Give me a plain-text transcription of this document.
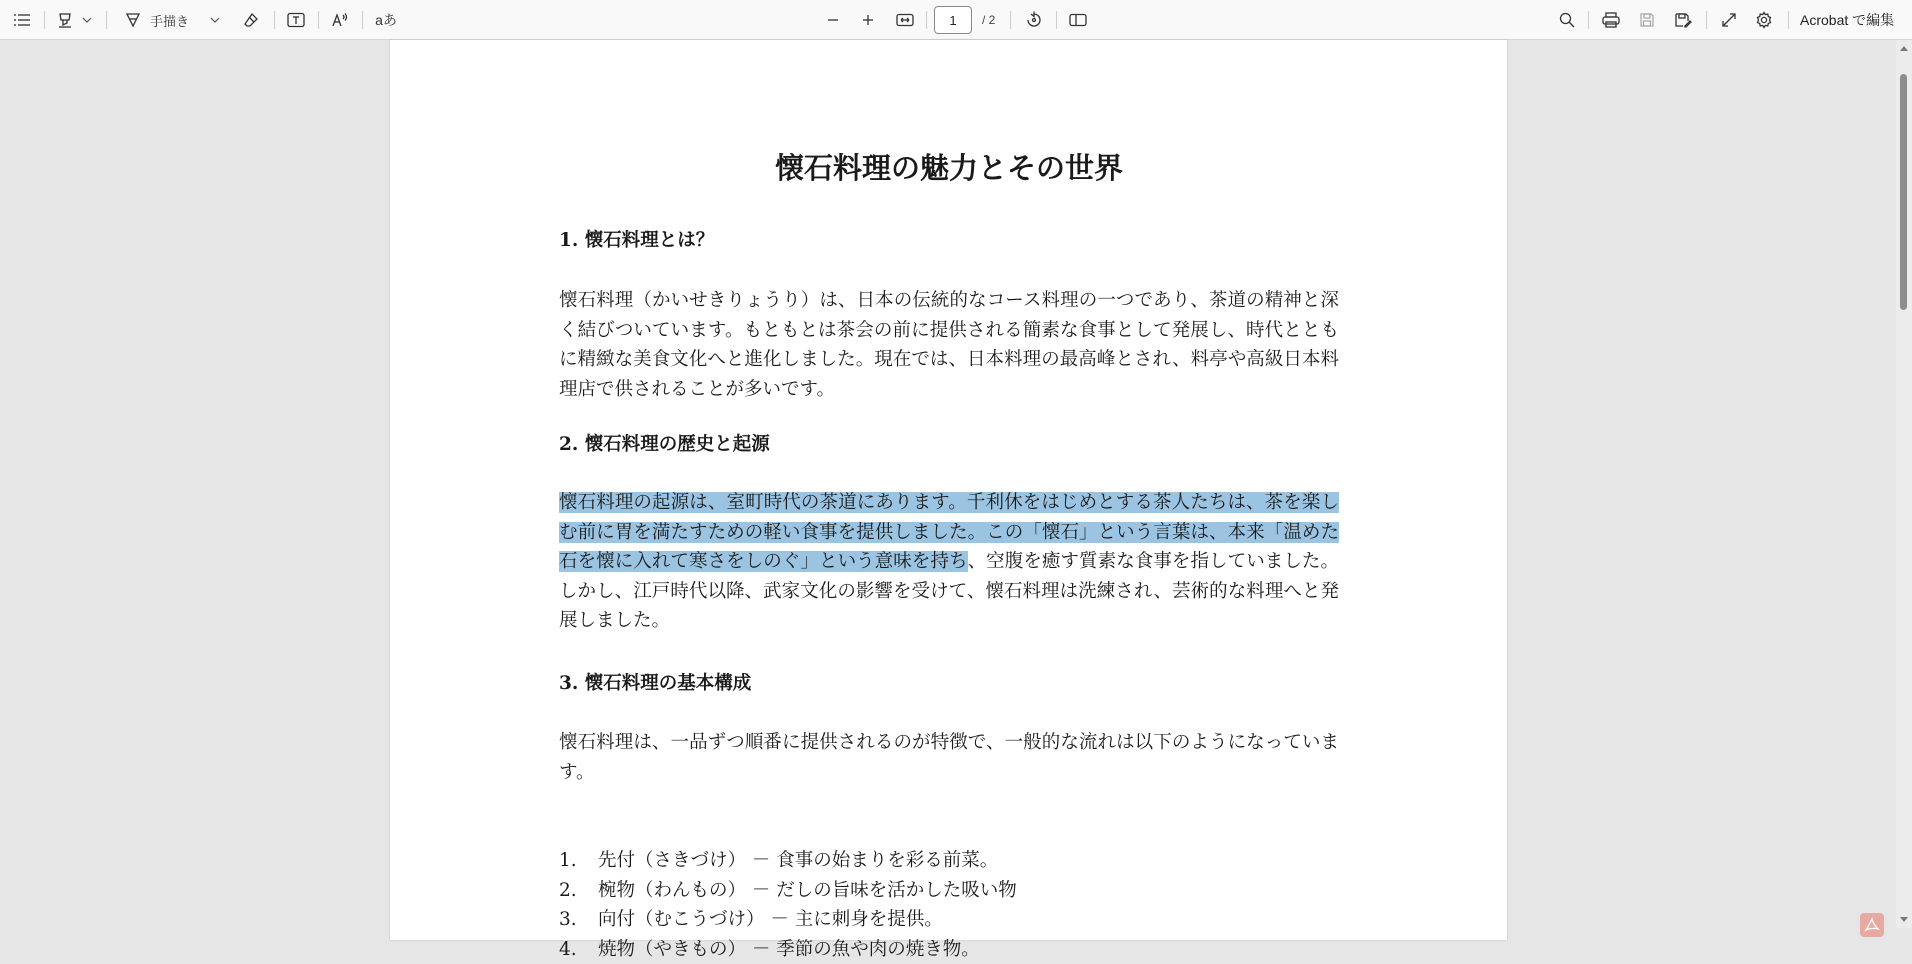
手描き	aあ
1	/ 2	Acrobat で編集
懐石料理の魅力とその世界
1. 懐石料理とは？

懐石料理（かいせきりょうり）は、日本の伝統的なコース料理の一つであり、茶道の精神と深く結びついています。もともとは茶会の前に提供される簡素な食事として発展し、時代とともに精緻な美食文化へと進化しました。現在では、日本料理の最高峰とされ、料亭や高級日本料理店で供されることが多いです。

2. 懐石料理の歴史と起源

懐石料理の起源は、室町時代の茶道にあります。千利休をはじめとする茶人たちは、茶を楽しむ前に胃を満たすための軽い食事を提供しました。この「懐石」という言葉は、本来「温めた石を懐に入れて寒さをしのぐ」という意味を持ち、空腹を癒す質素な食事を指していました。しかし、江戸時代以降、武家文化の影響を受けて、懐石料理は洗練され、芸術的な料理へと発展しました。

3. 懐石料理の基本構成

懐石料理は、一品ずつ順番に提供されるのが特徴で、一般的な流れは以下のようになっています。

1.	先付（さきづけ） － 食事の始まりを彩る前菜。
2.	椀物（わんもの） － だしの旨味を活かした吸い物
3.	向付（むこうづけ） － 主に刺身を提供。
4.	焼物（やきもの） － 季節の魚や肉の焼き物。
